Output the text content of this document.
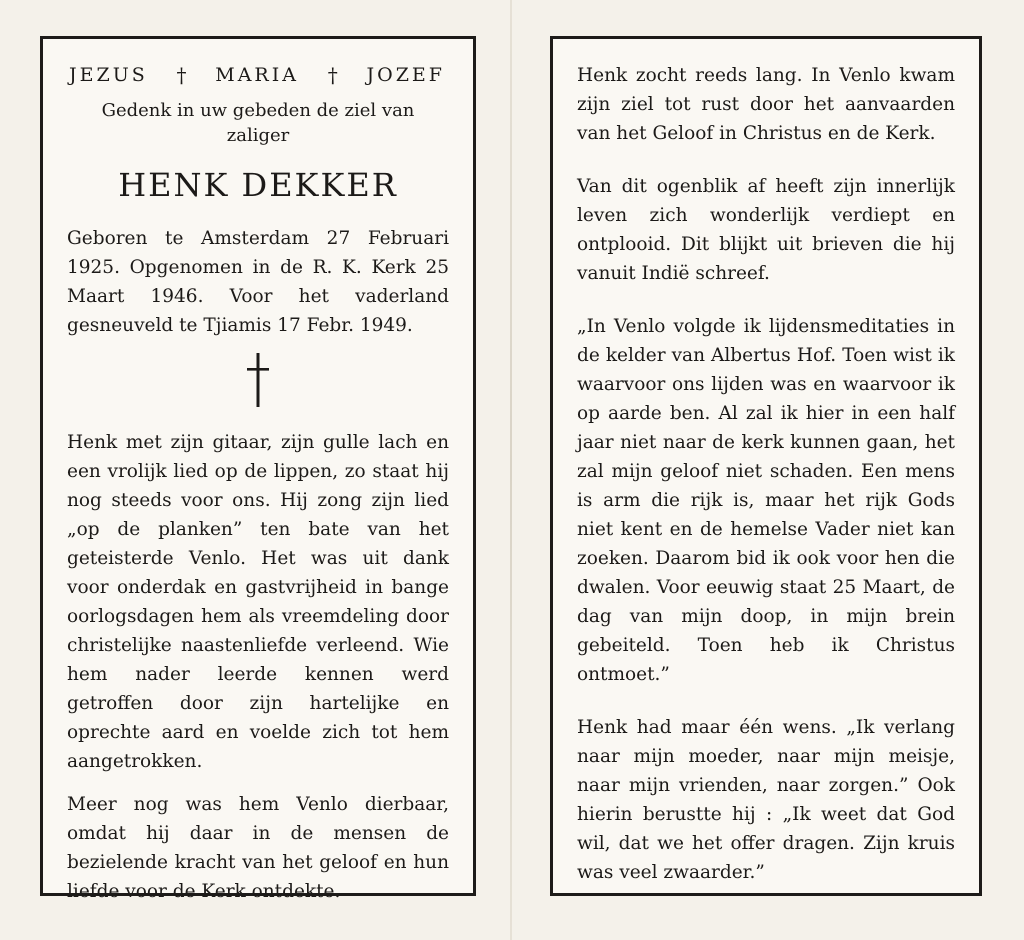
JEZUS † MARIA † JOZEF
Gedenk in uw gebeden de ziel van
zaliger
HENK DEKKER

Geboren te Amsterdam 27 Februari 1925. Opgenomen in de R. K. Kerk 25 Maart 1946. Voor het vaderland gesneuveld te Tjiamis 17 Febr. 1949.

Henk met zijn gitaar, zijn gulle lach en een vrolijk lied op de lippen, zo staat hij nog steeds voor ons. Hij zong zijn lied „op de planken” ten bate van het geteisterde Venlo. Het was uit dank voor onderdak en gastvrijheid in bange oorlogsdagen hem als vreemdeling door christelijke naastenliefde verleend. Wie hem nader leerde kennen werd getroffen door zijn hartelijke en oprechte aard en voelde zich tot hem aangetrokken.

Meer nog was hem Venlo dierbaar, omdat hij daar in de mensen de bezielende kracht van het geloof en hun liefde voor de Kerk ontdekte.

Henk zocht reeds lang. In Venlo kwam zijn ziel tot rust door het aanvaarden van het Geloof in Christus en de Kerk.

Van dit ogenblik af heeft zijn innerlijk leven zich wonderlijk verdiept en ontplooid. Dit blijkt uit brieven die hij vanuit Indië schreef.

„In Venlo volgde ik lijdensmeditaties in de kelder van Albertus Hof. Toen wist ik waarvoor ons lijden was en waarvoor ik op aarde ben. Al zal ik hier in een half jaar niet naar de kerk kunnen gaan, het zal mijn geloof niet schaden. Een mens is arm die rijk is, maar het rijk Gods niet kent en de hemelse Vader niet kan zoeken. Daarom bid ik ook voor hen die dwalen. Voor eeuwig staat 25 Maart, de dag van mijn doop, in mijn brein gebeiteld. Toen heb ik Christus ontmoet.”

Henk had maar één wens. „Ik verlang naar mijn moeder, naar mijn meisje, naar mijn vrienden, naar zorgen.” Ook hierin berustte hij : „Ik weet dat God wil, dat we het offer dragen. Zijn kruis was veel zwaarder.”
